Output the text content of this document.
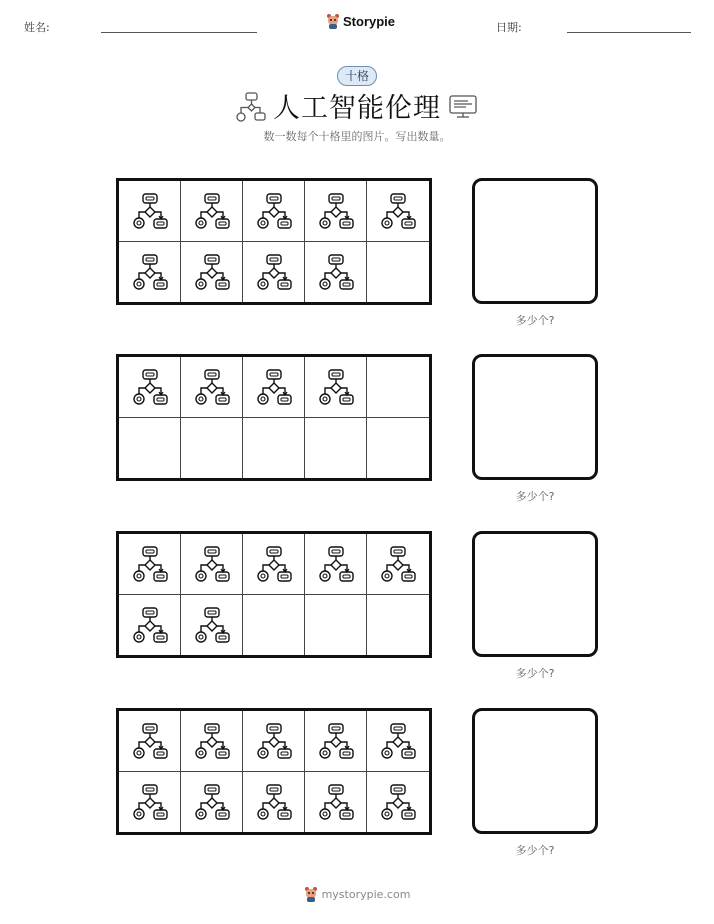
姓名:	Storypie	日期:
十格
人工智能伦理
数一数每个十格里的图片。写出数量。
多少个?
多少个?
多少个?
多少个?
mystorypie.com
